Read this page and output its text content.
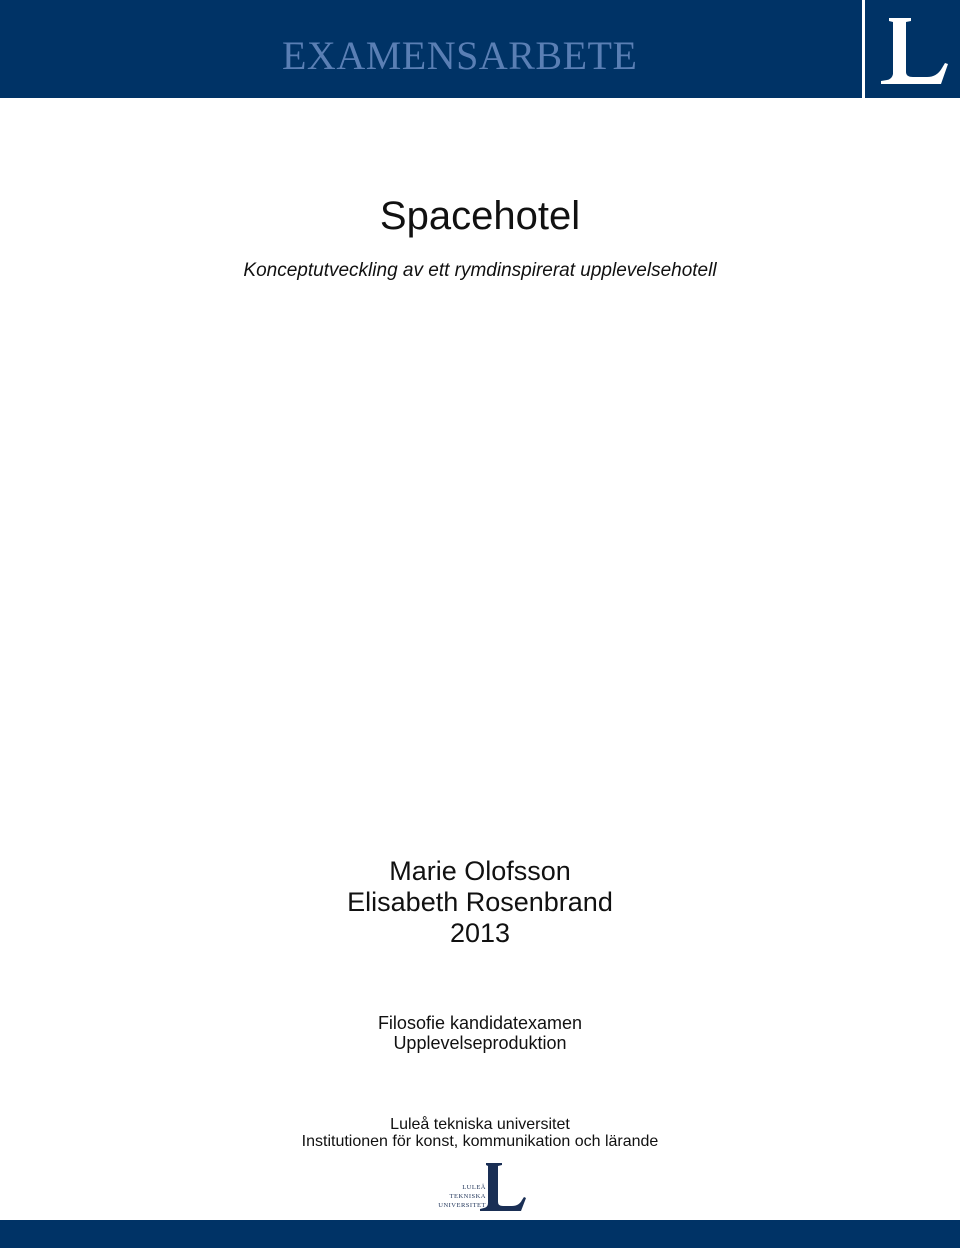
EXAMENSARBETE
Spacehotel
Konceptutveckling av ett rymdinspirerat upplevelsehotell
Marie Olofsson
Elisabeth Rosenbrand
2013
Filosofie kandidatexamen
Upplevelseproduktion
Luleå tekniska universitet
Institutionen för konst, kommunikation och lärande
LULEÅ
TEKNISKA
UNIVERSITET
